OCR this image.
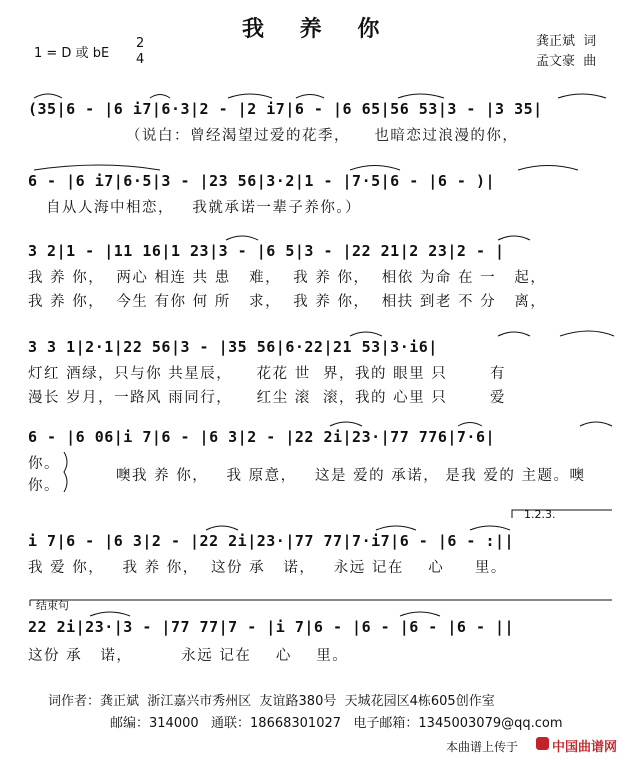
我 养 你
1 = D 或 bE
2
4
龚正斌  词
孟文豪  曲
(35|6 - |6 i7|6·3|2 - |2 i7|6 - |6 65|56 53|3 - |3 35|
（说白：曾经渴望过爱的花季，    也暗恋过浪漫的你，
6 - |6 i7|6·5|3 - |23 56|3·2|1 - |7·5|6 - |6 - )|
自从人海中相恋，   我就承诺一辈子养你。）
3 2|1 - |11 16|1 23|3 - |6 5|3 - |22 21|2 23|2 - |
我 养 你，  两心 相连 共 患   难，  我 养 你，  相依 为命 在 一   起，
我 养 你，  今生 有你 何 所   求，  我 养 你，  相扶 到老 不 分   离，
3 3 1|2·1|22 56|3 - |35 56|6·22|21 53|3·i6|
灯红 酒绿，只与你 共星辰，    花花 世  界，我的 眼里 只       有
漫长 岁月，一路风 雨同行，    红尘 滚  滚，我的 心里 只       爱
6 - |6 06|i 7|6 - |6 3|2 - |22 2i|23·|77 776|7·6|
你。
你。
噢我 养 你，   我 原意，   这是 爱的 承诺， 是我 爱的 主题。噢
1.2.3.
i 7|6 - |6 3|2 - |22 2i|23·|77 77|7·i7|6 - |6 - :||
我 爱 你，   我 养 你，  这份 承   诺，   永远 记在    心     里。
结束句
22 2i|23·|3 - |77 77|7 - |i 7|6 - |6 - |6 - |6 - ||
这份 承   诺，        永远 记在    心    里。
词作者：龚正斌  浙江嘉兴市秀州区  友谊路380号  天城花园区4栋605创作室
邮编：314000   通联：18668301027   电子邮箱：1345003079@qq.com
本曲谱上传于	中国曲谱网
